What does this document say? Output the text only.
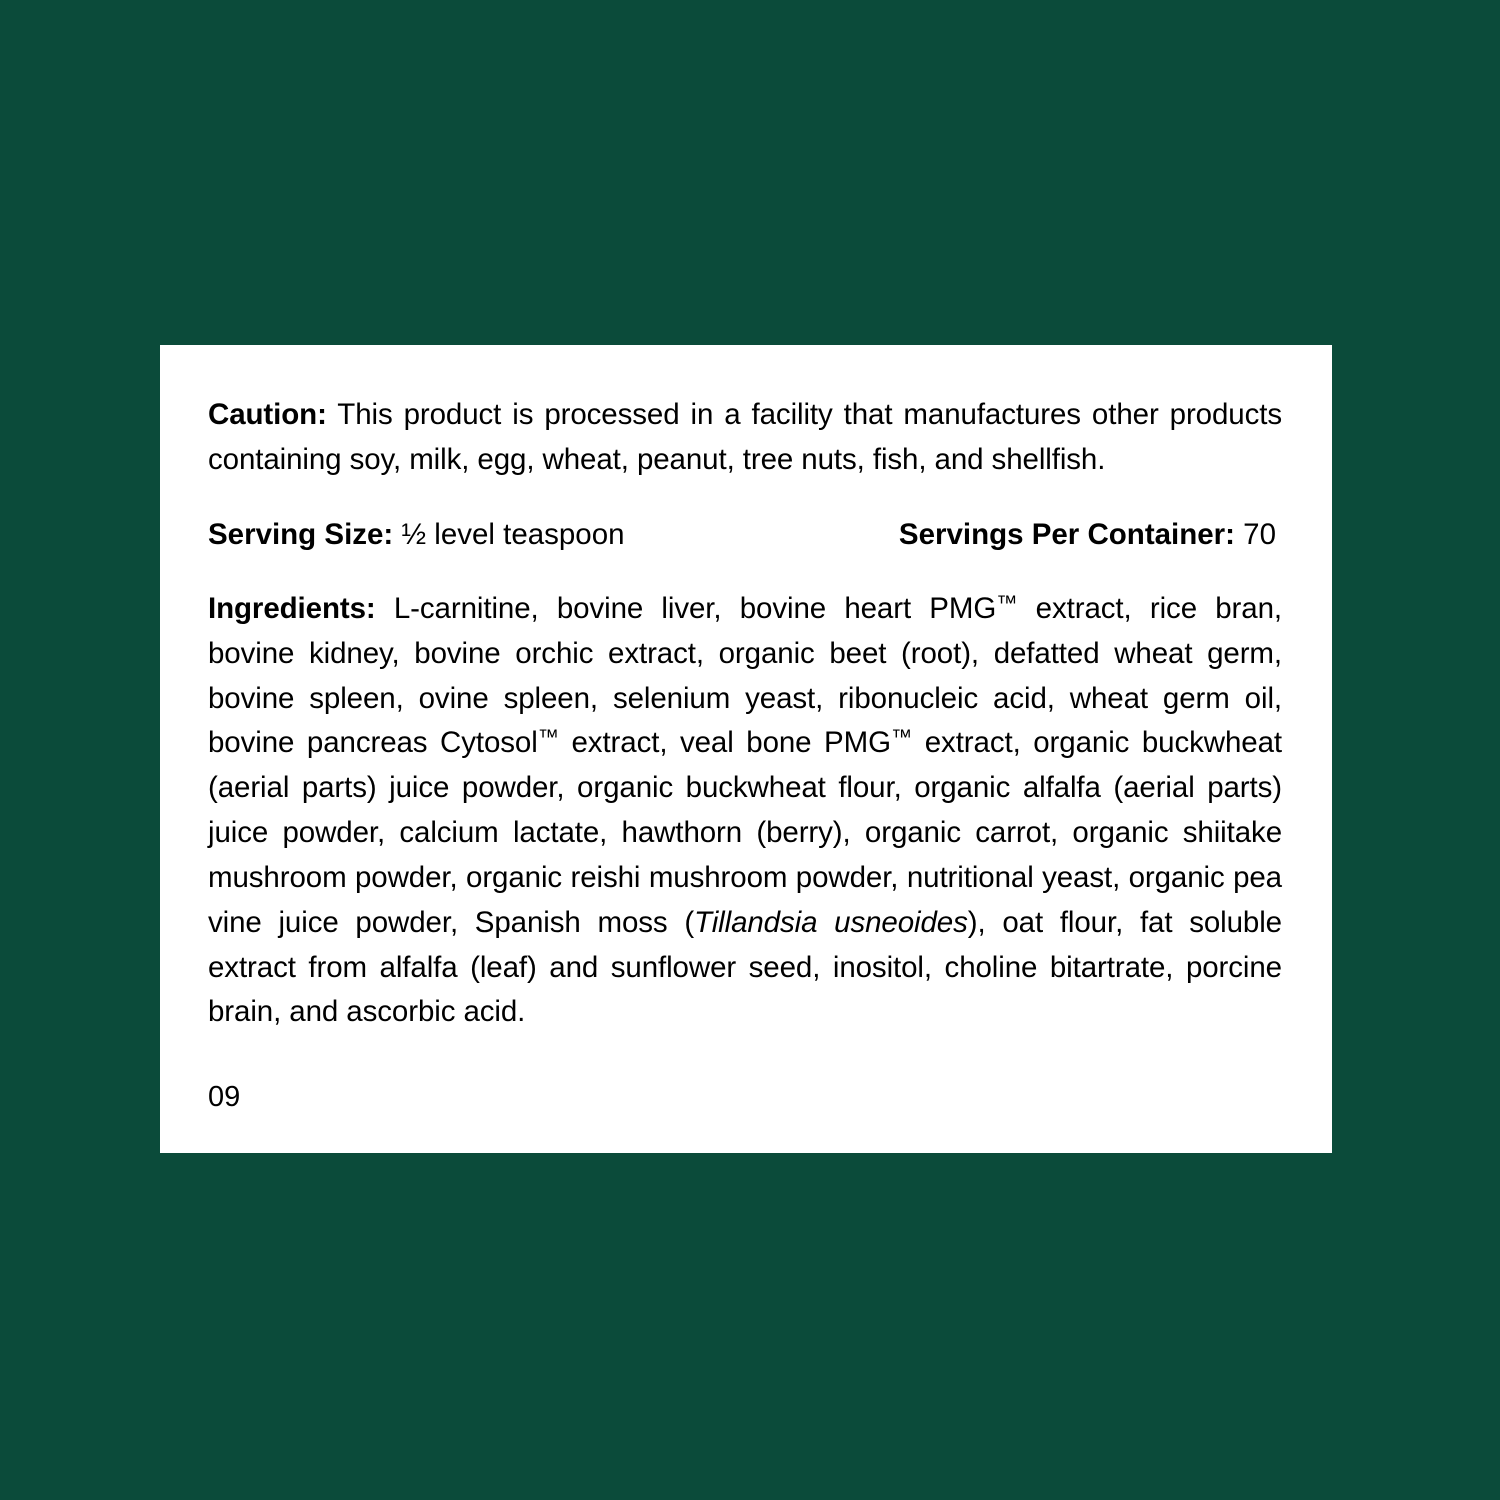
Caution: This product is processed in a facility that manufactures other products containing soy, milk, egg, wheat, peanut, tree nuts, fish, and shellfish.
Serving Size: ½ level teaspoon	Servings Per Container: 70
Ingredients: L-carnitine, bovine liver, bovine heart PMG™ extract, rice bran, bovine kidney, bovine orchic extract, organic beet (root), defatted wheat germ, bovine spleen, ovine spleen, selenium yeast, ribonucleic acid, wheat germ oil, bovine pancreas Cytosol™ extract, veal bone PMG™ extract, organic buckwheat (aerial parts) juice powder, organic buckwheat flour, organic alfalfa (aerial parts) juice powder, calcium lactate, hawthorn (berry), organic carrot, organic shiitake mushroom powder, organic reishi mushroom powder, nutritional yeast, organic pea vine juice powder, Spanish moss (Tillandsia usneoides), oat flour, fat soluble extract from alfalfa (leaf) and sunflower seed, inositol, choline bitartrate, porcine brain, and ascorbic acid.
09
